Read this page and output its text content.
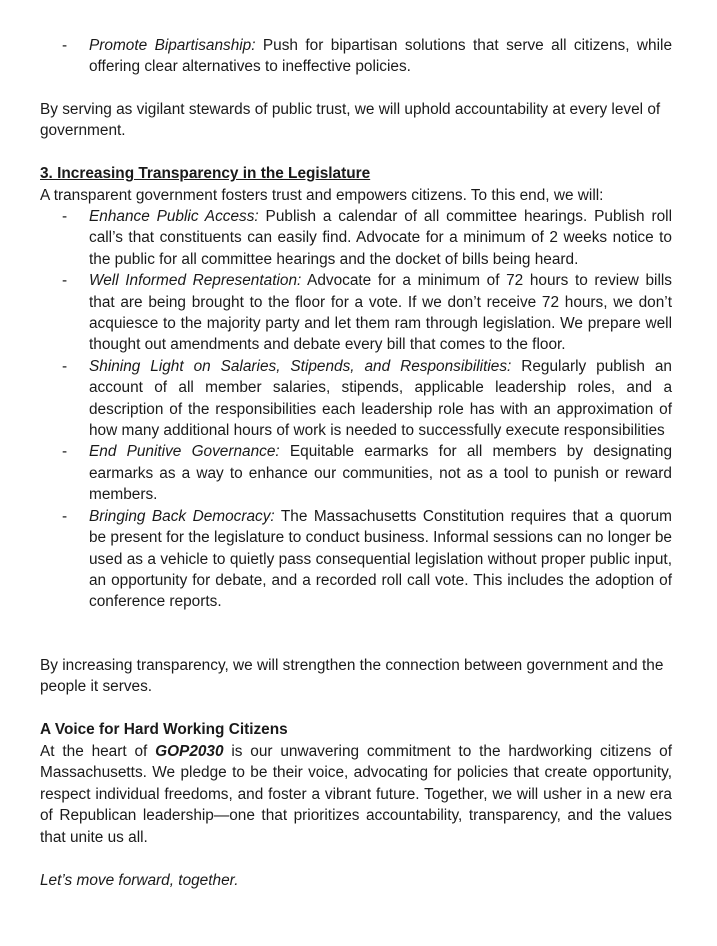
- Promote Bipartisanship: Push for bipartisan solutions that serve all citizens, while offering clear alternatives to ineffective policies.

By serving as vigilant stewards of public trust, we will uphold accountability at every level of government.

3. Increasing Transparency in the Legislature
A transparent government fosters trust and empowers citizens. To this end, we will:
- Enhance Public Access: Publish a calendar of all committee hearings. Publish roll call’s that constituents can easily find. Advocate for a minimum of 2 weeks notice to the public for all committee hearings and the docket of bills being heard.
- Well Informed Representation: Advocate for a minimum of 72 hours to review bills that are being brought to the floor for a vote. If we don’t receive 72 hours, we don’t acquiesce to the majority party and let them ram through legislation. We prepare well thought out amendments and debate every bill that comes to the floor.
- Shining Light on Salaries, Stipends, and Responsibilities: Regularly publish an account of all member salaries, stipends, applicable leadership roles, and a description of the responsibilities each leadership role has with an approximation of how many additional hours of work is needed to successfully execute responsibilities
- End Punitive Governance: Equitable earmarks for all members by designating earmarks as a way to enhance our communities, not as a tool to punish or reward members.
- Bringing Back Democracy: The Massachusetts Constitution requires that a quorum be present for the legislature to conduct business. Informal sessions can no longer be used as a vehicle to quietly pass consequential legislation without proper public input, an opportunity for debate, and a recorded roll call vote. This includes the adoption of conference reports.

By increasing transparency, we will strengthen the connection between government and the people it serves.

A Voice for Hard Working Citizens

At the heart of GOP2030 is our unwavering commitment to the hardworking citizens of Massachusetts. We pledge to be their voice, advocating for policies that create opportunity, respect individual freedoms, and foster a vibrant future. Together, we will usher in a new era of Republican leadership—one that prioritizes accountability, transparency, and the values that unite us all.

Let’s move forward, together.
